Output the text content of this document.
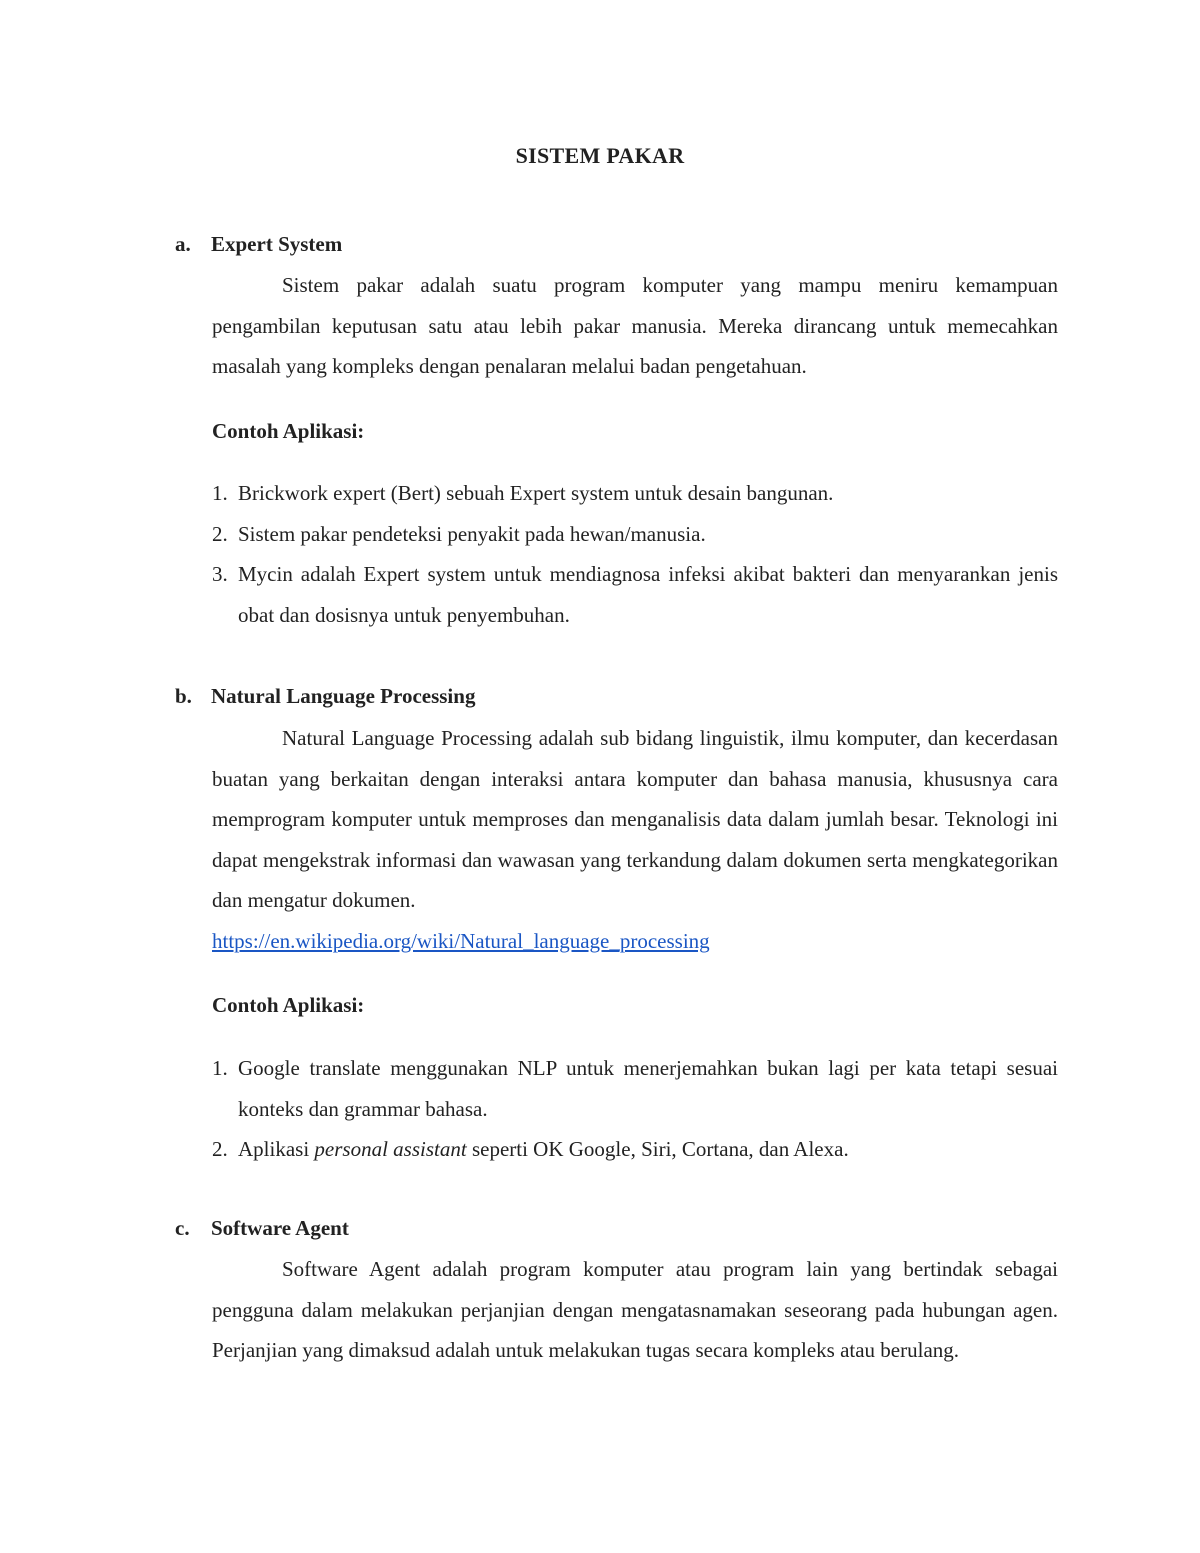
SISTEM PAKAR
a. Expert System
Sistem pakar adalah suatu program komputer yang mampu meniru kemampuan pengambilan keputusan satu atau lebih pakar manusia. Mereka dirancang untuk memecahkan masalah yang kompleks dengan penalaran melalui badan pengetahuan.
Contoh Aplikasi:
1. Brickwork expert (Bert) sebuah Expert system untuk desain bangunan.
2. Sistem pakar pendeteksi penyakit pada hewan/manusia.
3. Mycin adalah Expert system untuk mendiagnosa infeksi akibat bakteri dan menyarankan jenis obat dan dosisnya untuk penyembuhan.
b. Natural Language Processing
Natural Language Processing adalah sub bidang linguistik, ilmu komputer, dan kecerdasan buatan yang berkaitan dengan interaksi antara komputer dan bahasa manusia, khususnya cara memprogram komputer untuk memproses dan menganalisis data dalam jumlah besar. Teknologi ini dapat mengekstrak informasi dan wawasan yang terkandung dalam dokumen serta mengkategorikan dan mengatur dokumen.
https://en.wikipedia.org/wiki/Natural_language_processing
Contoh Aplikasi:
1. Google translate menggunakan NLP untuk menerjemahkan bukan lagi per kata tetapi sesuai konteks dan grammar bahasa.
2. Aplikasi personal assistant seperti OK Google, Siri, Cortana, dan Alexa.
c. Software Agent
Software Agent adalah program komputer atau program lain yang bertindak sebagai pengguna dalam melakukan perjanjian dengan mengatasnamakan seseorang pada hubungan agen. Perjanjian yang dimaksud adalah untuk melakukan tugas secara kompleks atau berulang.
